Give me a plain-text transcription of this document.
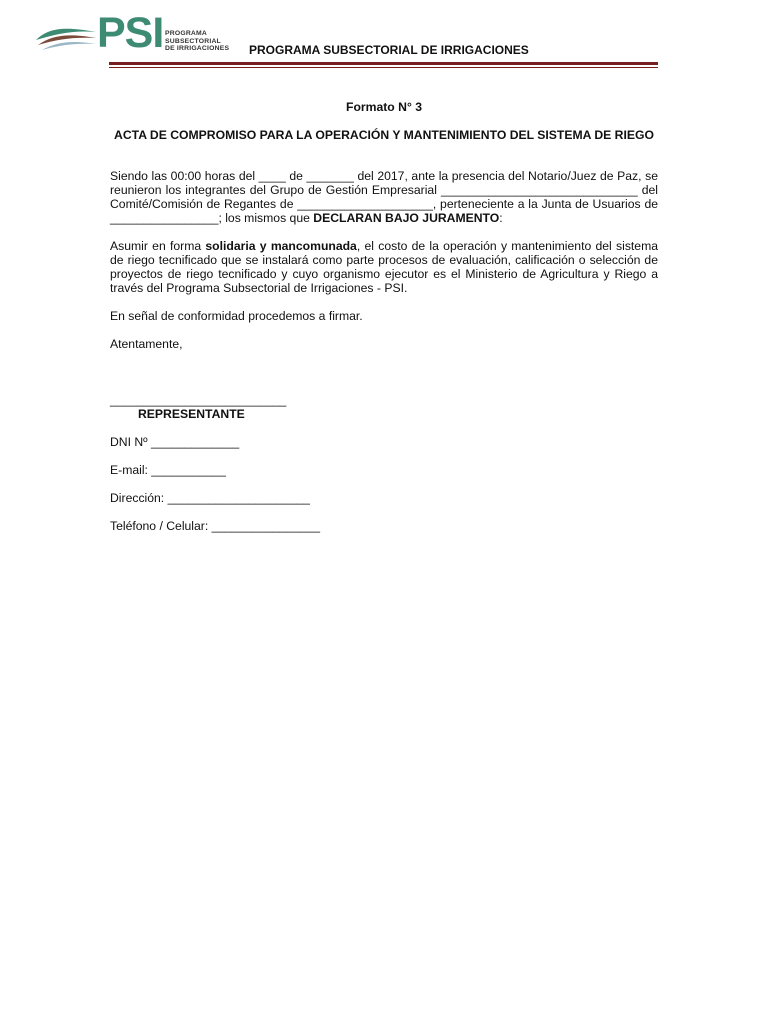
PSI PROGRAMA
SUBSECTORIAL
DE IRRIGACIONES PROGRAMA SUBSECTORIAL DE IRRIGACIONES
Formato N° 3
ACTA DE COMPROMISO PARA LA OPERACIÓN Y MANTENIMIENTO DEL SISTEMA DE RIEGO
Siendo las 00:00 horas del ____ de _______ del 2017, ante la presencia del Notario/Juez de Paz, se reunieron los integrantes del Grupo de Gestión Empresarial _____________________________ del Comité/Comisión de Regantes de ____________________, perteneciente a la Junta de Usuarios de ________________; los mismos que DECLARAN BAJO JURAMENTO:
Asumir en forma solidaria y mancomunada, el costo de la operación y mantenimiento del sistema de riego tecnificado que se instalará como parte procesos de evaluación, calificación o selección de proyectos de riego tecnificado y cuyo organismo ejecutor es el Ministerio de Agricultura y Riego a través del Programa Subsectorial de Irrigaciones - PSI.
En señal de conformidad procedemos a firmar.
Atentamente,
__________________________
REPRESENTANTE
DNI Nº _____________
E-mail: ___________
Dirección: _____________________
Teléfono / Celular: ________________
